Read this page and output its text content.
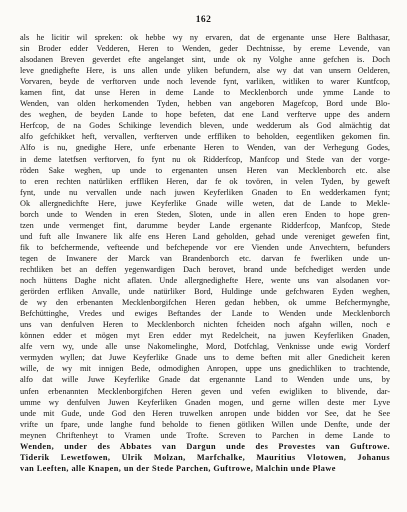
162
als he licitir wil spreken: ok hebbe wy ny ervaren, dat de ergenante unse Here Balthasar,
sin Broder edder Vedderen, Heren to Wenden, geder Dechtnisse, by ereme Levende, van
alsodanen Breven geverdet efte angelanget sint, unde ok ny Volghe anne gefchen is. Doch
leve gnedighefte Here, is uns allen unde yliken befundern, alse wy dat van unsern Oelderen,
Vorvaren, beyde de verftorven unde noch levende fynt, varliken, witliken to warer Kuntfcop,
kamen fint, dat unse Heren in deme Lande to Mecklenborch unde ymme Lande to
Wenden, van olden herkomenden Tyden, hebben van angeboren Magefcop, Bord unde Blo-
des weghen, de beyden Lande to hope befeten, dat ene Land verfterve uppe des andern
Herfcop, de na Godes Schikinge levendich bleven, unde wedderum als God almächtig dat
alfo gefchikket heft, vervallen, verfterven unde erffliken to beholden, eegentliken gekomen fin.
Alfo is nu, gnedighe Here, unfe erbenante Heren to Wenden, van der Verhegung Godes,
in deme latetfsen verftorven, fo fynt nu ok Ridderfcop, Manfcop und Stede van der vorge-
röden Sake weghen, up unde to ergenanten unsen Heren van Mecklenborch etc. alse
to eren rechten natürliken erffliken Heren, dar fe ok tovören, in velen Tyden, by geweft
fynt, unde nu vervallen unde nach juwen Keyferliken Gnaden to En wedderkamen fynt;
Ok allergnedichfte Here, juwe Keyferlike Gnade wille weten, dat de Lande to Mekle-
borch unde to Wenden in eren Steden, Sloten, unde in allen eren Enden to hope gren-
tzen unde vermenget fint, darumme beyder Lande ergenante Ridderfcop, Manfcop, Stede
und fuft alle Inwanere lik alfe ens Heren Land geholden, gehad unde vereniget gewefen fint,
fik to befchermende, vefteende und befchepende vor ere Vienden unde Anvechtern, befunders
tegen de Inwanere der Marck van Brandenborch etc. darvan fe fwerliken unde un-
rechtliken bet an deffen yegenwardigen Dach berovet, brand unde befchediget werden unde
noch hüttens Daghe nicht aflaten. Unde allergnedighefte Here, wente uns van alsodanen vor-
gerörden erfliken Anvalle, unde natürliker Bord, Huldinge unde gefchwaren Eyden weghen,
de wy den erbenanten Mecklenborgifchen Heren gedan hebben, ok umme Befchermynghe,
Befchüttinghe, Vredes und ewiges Beftandes der Lande to Wenden unde Mecklenborch
uns van denfulven Heren to Mecklenborch nichten fcheiden noch afgahn willen, noch e
können edder et mögen myt Eren edder myt Redelcheit, na juwen Keyferliken Gnaden,
alfe vern wy, unde alle unse Nakomelinghe, Mord, Dotfchlag, Venknisse unde ewig Vorderf
vermyden wyllen; dat Juwe Keyferlike Gnade uns to deme beften mit aller Gnedicheit keren
wille, de wy mit innigen Bede, odmodighen Anropen, uppe uns gnedichliken to trachtende,
alfo dat wille Juwe Keyferlike Gnade dat ergenannte Land to Wenden unde uns, by
unfen erbenannten Mecklenborgifchen Heren geven und vefen ewigliken to blivende, dar-
umme wy denfulven Juwen Keyferliken Gnaden mogen, und gerne willen deste mer Lyve
unde mit Gude, unde God den Heren truwelken anropen unde bidden vor See, dat he See
vrifte un fpare, unde langhe fund beholde to fienen götliken Willen unde Denfte, unde der
meynen Chriftenheyt to Vramen unde Trofte. Screven to Parchen in deme Lande to
Wenden, under des Abbates van Dargun unde des Provestes van Guftrowe.
Tiderik Lewetfowen, Ulrik Molzan, Marfchalke, Mauritius Vlotowen, Johanus
van Leeften, alle Knapen, un der Stede Parchen, Guftrowe, Malchin unde Plawe
